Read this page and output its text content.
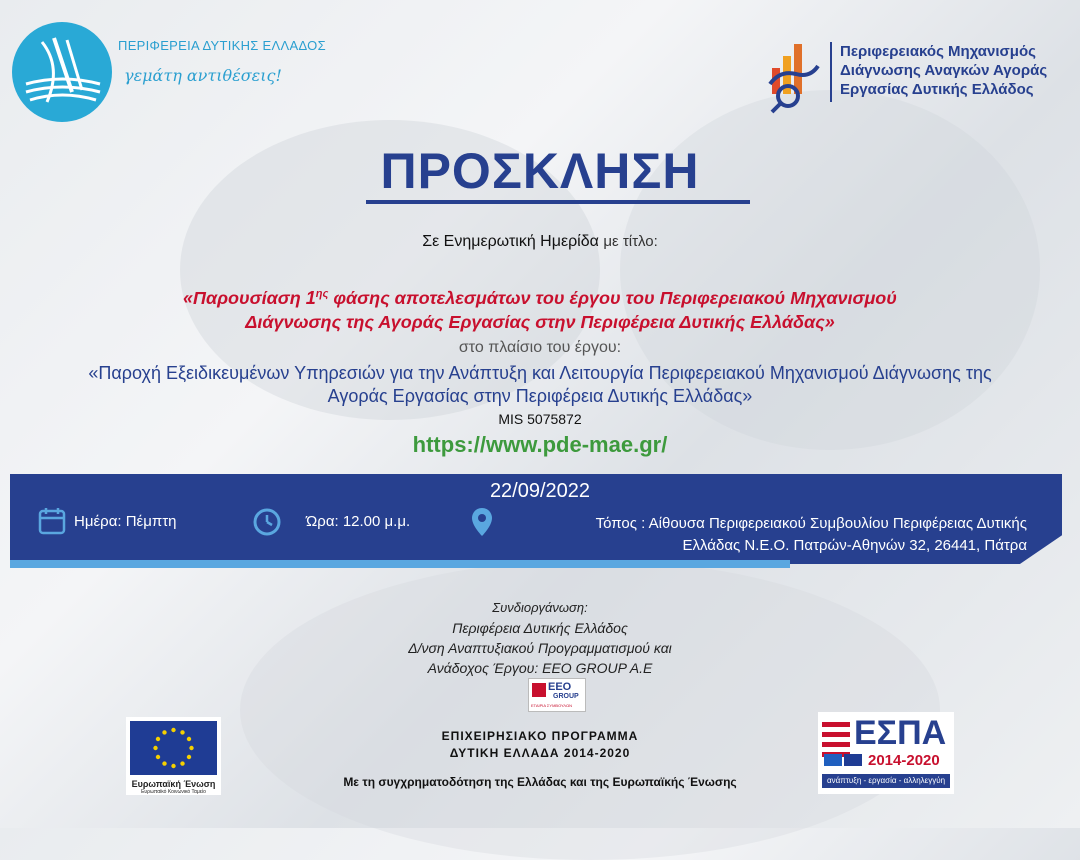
ΠΕΡΙΦΕΡΕΙΑ ΔΥΤΙΚΗΣ ΕΛΛΑΔΟΣ
γεμάτη αντιθέσεις!
Περιφερειακός Μηχανισμός
Διάγνωσης Αναγκών Αγοράς
Εργασίας Δυτικής Ελλάδος
ΠΡΟΣΚΛΗΣΗ
Σε Ενημερωτική Ημερίδα με τίτλο:
«Παρουσίαση $1^{\eta\varsigma}$ φάσης αποτελεσμάτων του έργου του Περιφερειακού Μηχανισμού
Διάγνωσης της Αγοράς Εργασίας στην Περιφέρεια Δυτικής Ελλάδας»
στο πλαίσιο του έργου:
«Παροχή Εξειδικευμένων Υπηρεσιών για την Ανάπτυξη και Λειτουργία Περιφερειακού Μηχανισμού Διάγνωσης της
Αγοράς Εργασίας στην Περιφέρεια Δυτικής Ελλάδας»
MIS 5075872
https://www.pde-mae.gr/
22/09/2022
Ημέρα: Πέμπτη	Ώρα: 12.00 μ.μ.	Τόπος : Αίθουσα Περιφερειακού Συμβουλίου Περιφέρειας Δυτικής
Ελλάδας Ν.Ε.Ο. Πατρών-Αθηνών 32, 26441, Πάτρα
Συνδιοργάνωση:
Περιφέρεια Δυτικής Ελλάδος
Δ/νση Αναπτυξιακού Προγραμματισμού και
Ανάδοχος Έργου: EEO GROUP A.E
EEO
GROUP
ΕΤΑΙΡΙΑ ΣΥΜΒΟΥΛΩΝ
Ευρωπαϊκή Ένωση
Ευρωπαϊκό Κοινωνικό Ταμείο
ΕΠΙΧΕΙΡΗΣΙΑΚΟ ΠΡΟΓΡΑΜΜΑ
ΔΥΤΙΚΗ ΕΛΛΑΔΑ 2014-2020
Με τη συγχρηματοδότηση της Ελλάδας και της Ευρωπαϊκής Ένωσης
ΕΣΠΑ
2014-2020
ανάπτυξη - εργασία - αλληλεγγύη
